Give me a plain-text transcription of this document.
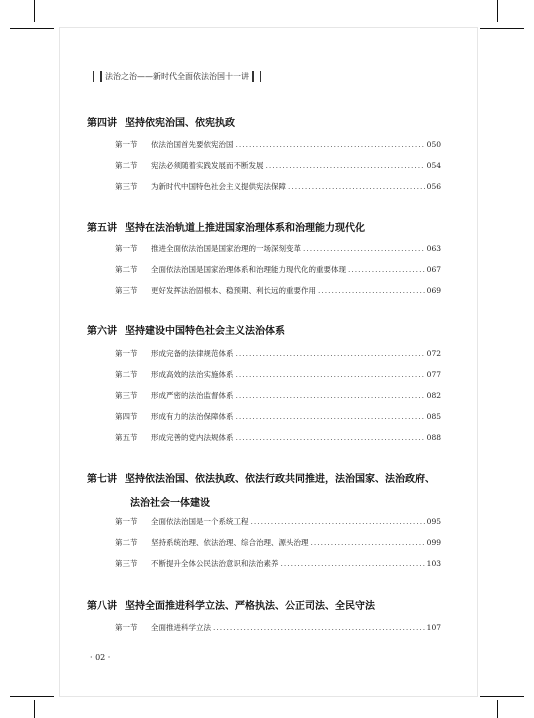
法治之治——新时代全面依法治国十一讲
第四讲 坚持依宪治国、依宪执政
第一节	依法治国首先要依宪治国 .....	050
第二节	宪法必须随着实践发展而不断发展 .....	054
第三节	为新时代中国特色社会主义提供宪法保障 .....	056
第五讲 坚持在法治轨道上推进国家治理体系和治理能力现代化
第一节	推进全面依法治国是国家治理的一场深刻变革 .....	063
第二节	全面依法治国是国家治理体系和治理能力现代化的重要体现 .....	067
第三节	更好发挥法治固根本、稳预期、利长远的重要作用 .....	069
第六讲 坚持建设中国特色社会主义法治体系
第一节	形成完备的法律规范体系 .....	072
第二节	形成高效的法治实施体系 .....	077
第三节	形成严密的法治监督体系 .....	082
第四节	形成有力的法治保障体系 .....	085
第五节	形成完善的党内法规体系 .....	088
第七讲 坚持依法治国、依法执政、依法行政共同推进，法治国家、法治政府、
法治社会一体建设
第一节	全面依法治国是一个系统工程 .....	095
第二节	坚持系统治理、依法治理、综合治理、源头治理 .....	099
第三节	不断提升全体公民法治意识和法治素养 .....	103
第八讲 坚持全面推进科学立法、严格执法、公正司法、全民守法
第一节	全面推进科学立法 .....	107
· 02 ·
